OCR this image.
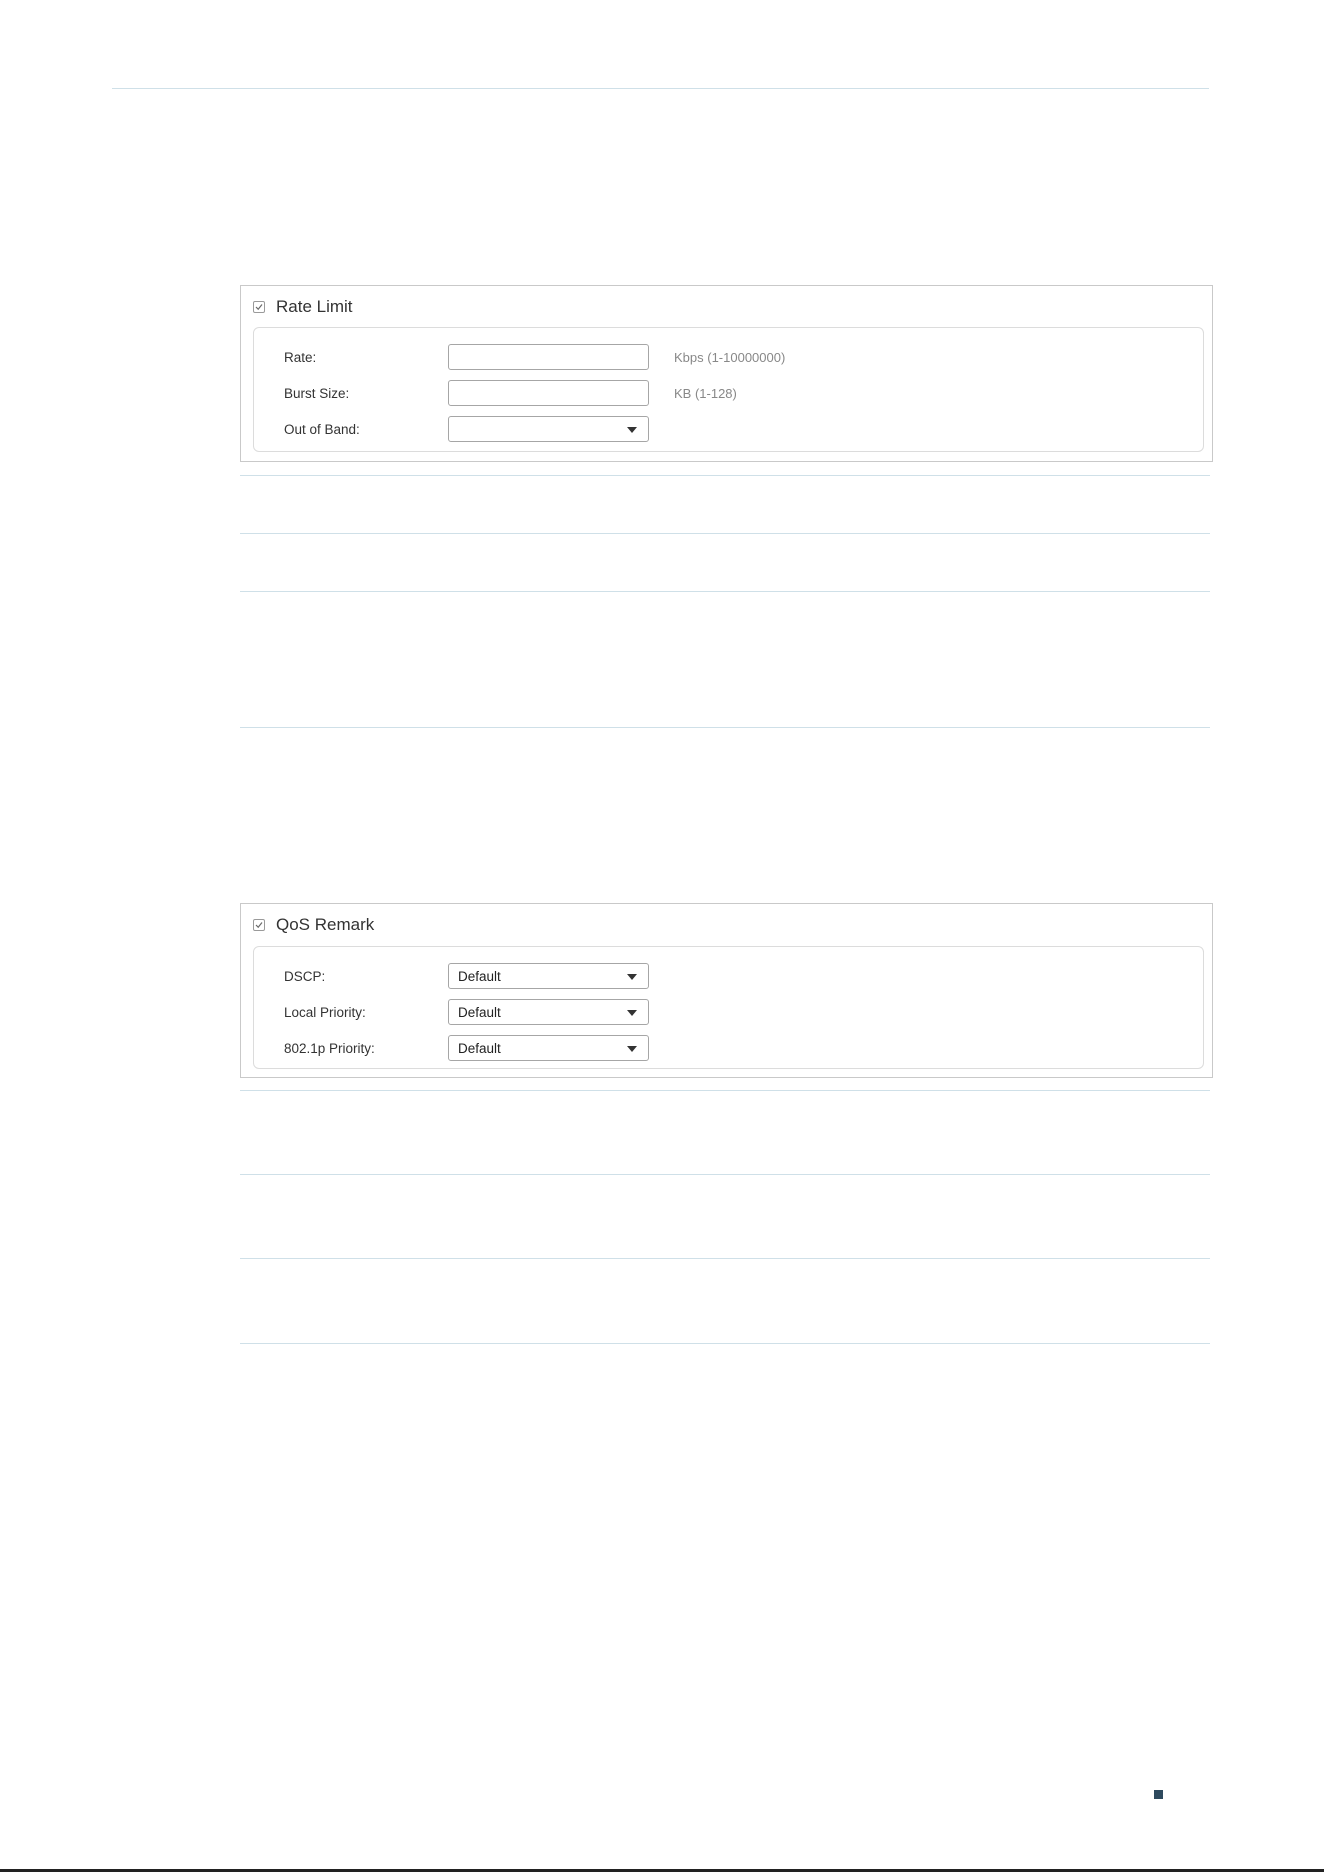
Rate Limit
Rate:	Kbps (1-10000000)
Burst Size:	KB (1-128)
Out of Band:
QoS Remark
DSCP:	Default
Local Priority:	Default
802.1p Priority:	Default
